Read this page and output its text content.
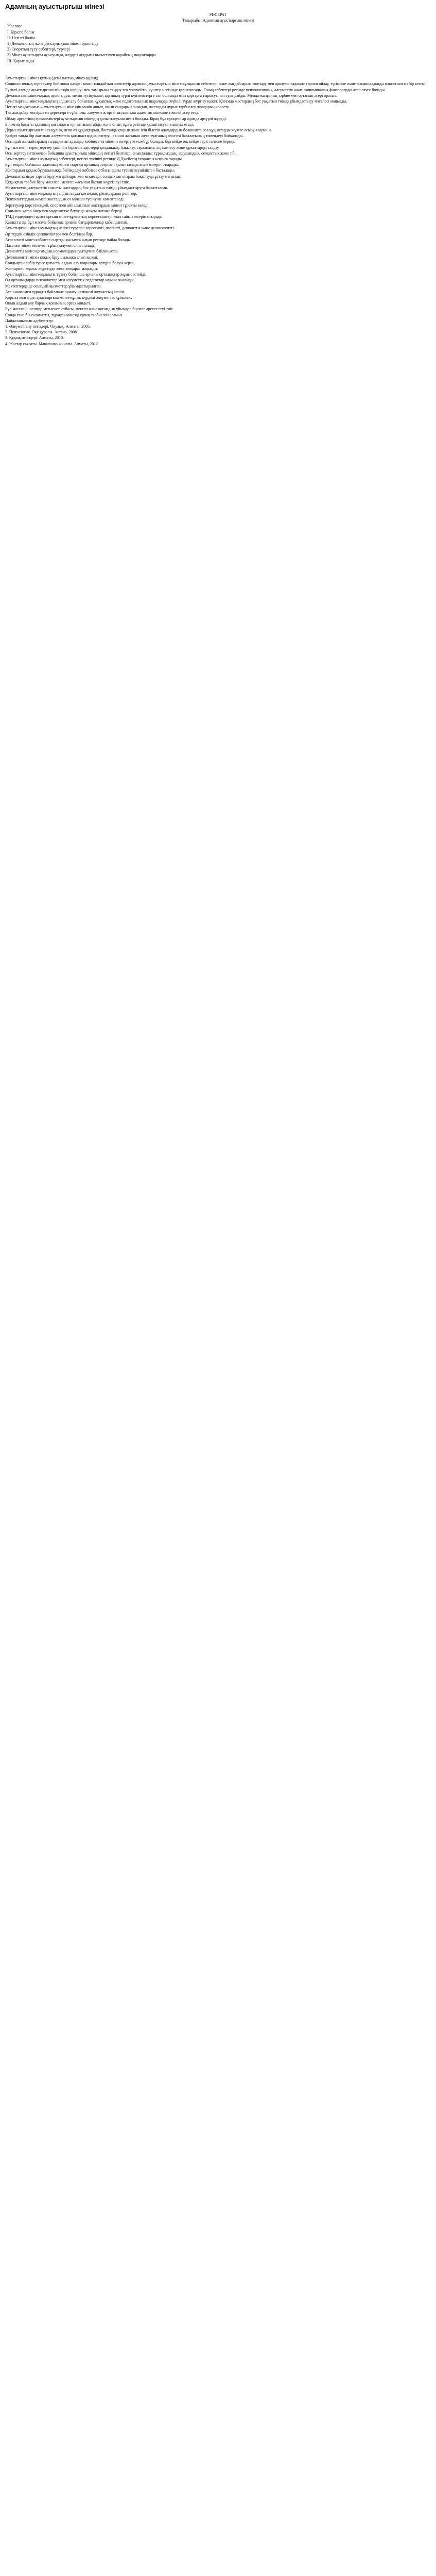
Адамның ауыстырғыш мінезі

РЕФЕРАТ

Тақырыбы: Адамның ауыстырғыш мінезі

Жоспар:

І. Кіріспе бөлім

ІІ. Негізгі бөлім

1) Демалыстың және денсаулықтың мінезі ауыстыру

2) Спорттың түсу себептері, түрлері

3) Мінез ауыстыруға ауысуында, жердегі ауқдығы қызметімен қарайсың мақсаттарды

ІІІ. Қорытынды

Ауыстырғыш мінез құлық (демалыстың мінез-құлық)

Социологиялық зерттеулер бойынша қазіргі заман тындайтын әжептеуір адамның ауыстырғыш мінез-құлқының себептері және жағдайларын толтыру мен арнаулы «адами» тарихи ойлау, түсінікке және жаңашылдыққа мақсатталған бір кезеңі.

Бүгінгі әлемде ауыстырғыш мінездің көрінуі мен тамырына таңдау тек үзілмейтін күштер негізінде қалыптасады. Оның себептері ретінде психологиялық, әлеуметтік және экономикалық факторларды атап өтуге болады.

Демалыстың мінез-құлық ауыстыруы, менің түсінуімше, адамның түрлі күйзелістерге тап болғанда өзін қорғауға тырысуынан туындайды. Мұнда жанұялық тәрбие мен ортаның әсері орасан.

Ауыстырғыш мінез-құлықтың алдын алу бойынша құқықтық және педагогикалық шараларды жүйелі түрде жүргізу қажет. Қоғамда жастардың бос уақытын тиімді ұйымдастыру мәселесі маңызды.

Негізгі мақсатымыз – ауыстырғыш мінездің мәнін ашып, оның салдарын анықтап, жастарды дұрыс тәрбиелеу жолдарын көрсету.

Тақ жағдайда келтірілген деректерге сүйенсек, әлеуметтік ортаның ықпалы адамның мінезіне тікелей әсер етеді.

Ойлау әрекетінің ерекшеліктері ауыстырғыш мінездің қалыптасуына негіз болады. Бірақ бұл процесс әр адамда әртүрлі жүреді.

Білімнің бағыты адамның қоғамдағы орнын анықтайды және оның тұлға ретінде қалыптасуына ықпал етеді.

Дұрыс ауыстырғыш мінез-құлық, яғни өз құқықтарын, бостандықтарын және ісін білетін адамдардың болашақта сол құқықтарды жүзеге асыруы мүмкін.

Қазіргі таңда бір жағынан әлеуметтік қатынастардың өзгеруі, екінші жағынан жеке тұлғаның өзін-өзі бағалауының төмендеуі байқалады.

Осындай жағдайлардың салдарынан адамдар көбінесе өз мінезін өзгертуге мәжбүр болады, бұл кейде оң, кейде теріс нәтиже береді.

Бұл мәселені терең зерттеу үшін біз бірнеше әдістерді қолдандық: бақылау, сауалнама, әңгімелесу және құжаттарды талдау.

Осы зерттеу нәтижелері бойынша ауыстырғыш мінездің негізгі белгілері анықталды: тұрақсыздық, ашушаңдық, селқостық және т.б.

Ауыстырғыш мінез-құлықтың себептері, негізгі түсінігі ретінде Д.Джейстің теориясы кеңінен тарады.

Бұл теория бойынша адамның мінезі сыртқы ортаның әсерінен қалыптасады және өзгеріп отырады.

Жастардың құқық бұзушылыққа бейімделуі көбінесе отбасындағы түсініспеушіліктен басталады.

Демалыс кезінде тәртіп бұзу жағдайлары жиі кездеседі, сондықтан оларды бақылауда ұстау маңызды.

Құқықтық тәрбие беру мәселесі мектеп жасынан бастап жүргізілуі тиіс.

Мемлекеттің әлеуметтік саясаты жастардың бос уақытын тиімді ұйымдастыруға бағытталған.

Ауыстырғыш мінез-құлықтың алдын алуда қоғамдық ұйымдардың рөлі зор.

Психологтардың көмегі жастардың өз мінезін түсінуіне көмектеседі.

Зерттеулер көрсеткендей, спортпен айналысатын жастардың мінезі тұрақты келеді.

Сонымен қатар өнер мен мәдениетке баулу да жақсы нәтиже береді.

ТМД елдеріндегі ауыстырғыш мінез-құлықтың көрсеткіштері жыл сайын өзгеріп отырады.

Қазақстанда бұл мәселе бойынша арнайы бағдарламалар қабылданған.

Ауыстырғыш мінез-құлықтың негізгі түрлері: агрессивті, пассивті, девиантты және делинквентті.

Әр түрдің өзіндік ерекшеліктері мен белгілері бар.

Агрессивті мінез көбінесе сыртқы қысымға жауап ретінде пайда болады.

Пассивті мінез өзіне-өзі тұйықталумен сипатталады.

Девиантты мінез қоғамдық нормалардан ауытқумен байланысты.

Делинквентті мінез құқық бұзушылыққа алып келеді.

Сондықтан әрбір түрге қатысты алдын алу шаралары әртүрлі болуы керек.

Жастармен жұмыс жүргізуде жеке көзқарас маңызды.

Ауыстырғыш мінез-құлықты түзету бойынша арнайы орталықтар жұмыс істейді.

Ол орталықтарда психологтар мен әлеуметтік педагогтар жұмыс жасайды.

Мектептерде де осындай қызметтер ұйымдастырылған.

Ата-аналармен тұрақты байланыс орнату нәтижелі жұмыстың кепілі.

Қорыта келгенде, ауыстырғыш мінез-құлық күрделі әлеуметтік құбылыс.

Оның алдын алу барлық қоғамның ортақ міндеті.

Бұл мәселені шешуде мемлекет, отбасы, мектеп және қоғамдық ұйымдар бірлесе әрекет етуі тиіс.

Сонда ғана біз саламатты, тұрақты мінезді ұрпақ тәрбиелей аламыз.

Пайдаланылған әдебиеттер:

1. Әлеуметтану негіздері. Оқулық. Алматы, 2005.

2. Психология. Оқу құралы. Астана, 2008.

3. Құқық негіздері. Алматы, 2010.

4. Жастар саясаты. Мақалалар жинағы. Алматы, 2012.
